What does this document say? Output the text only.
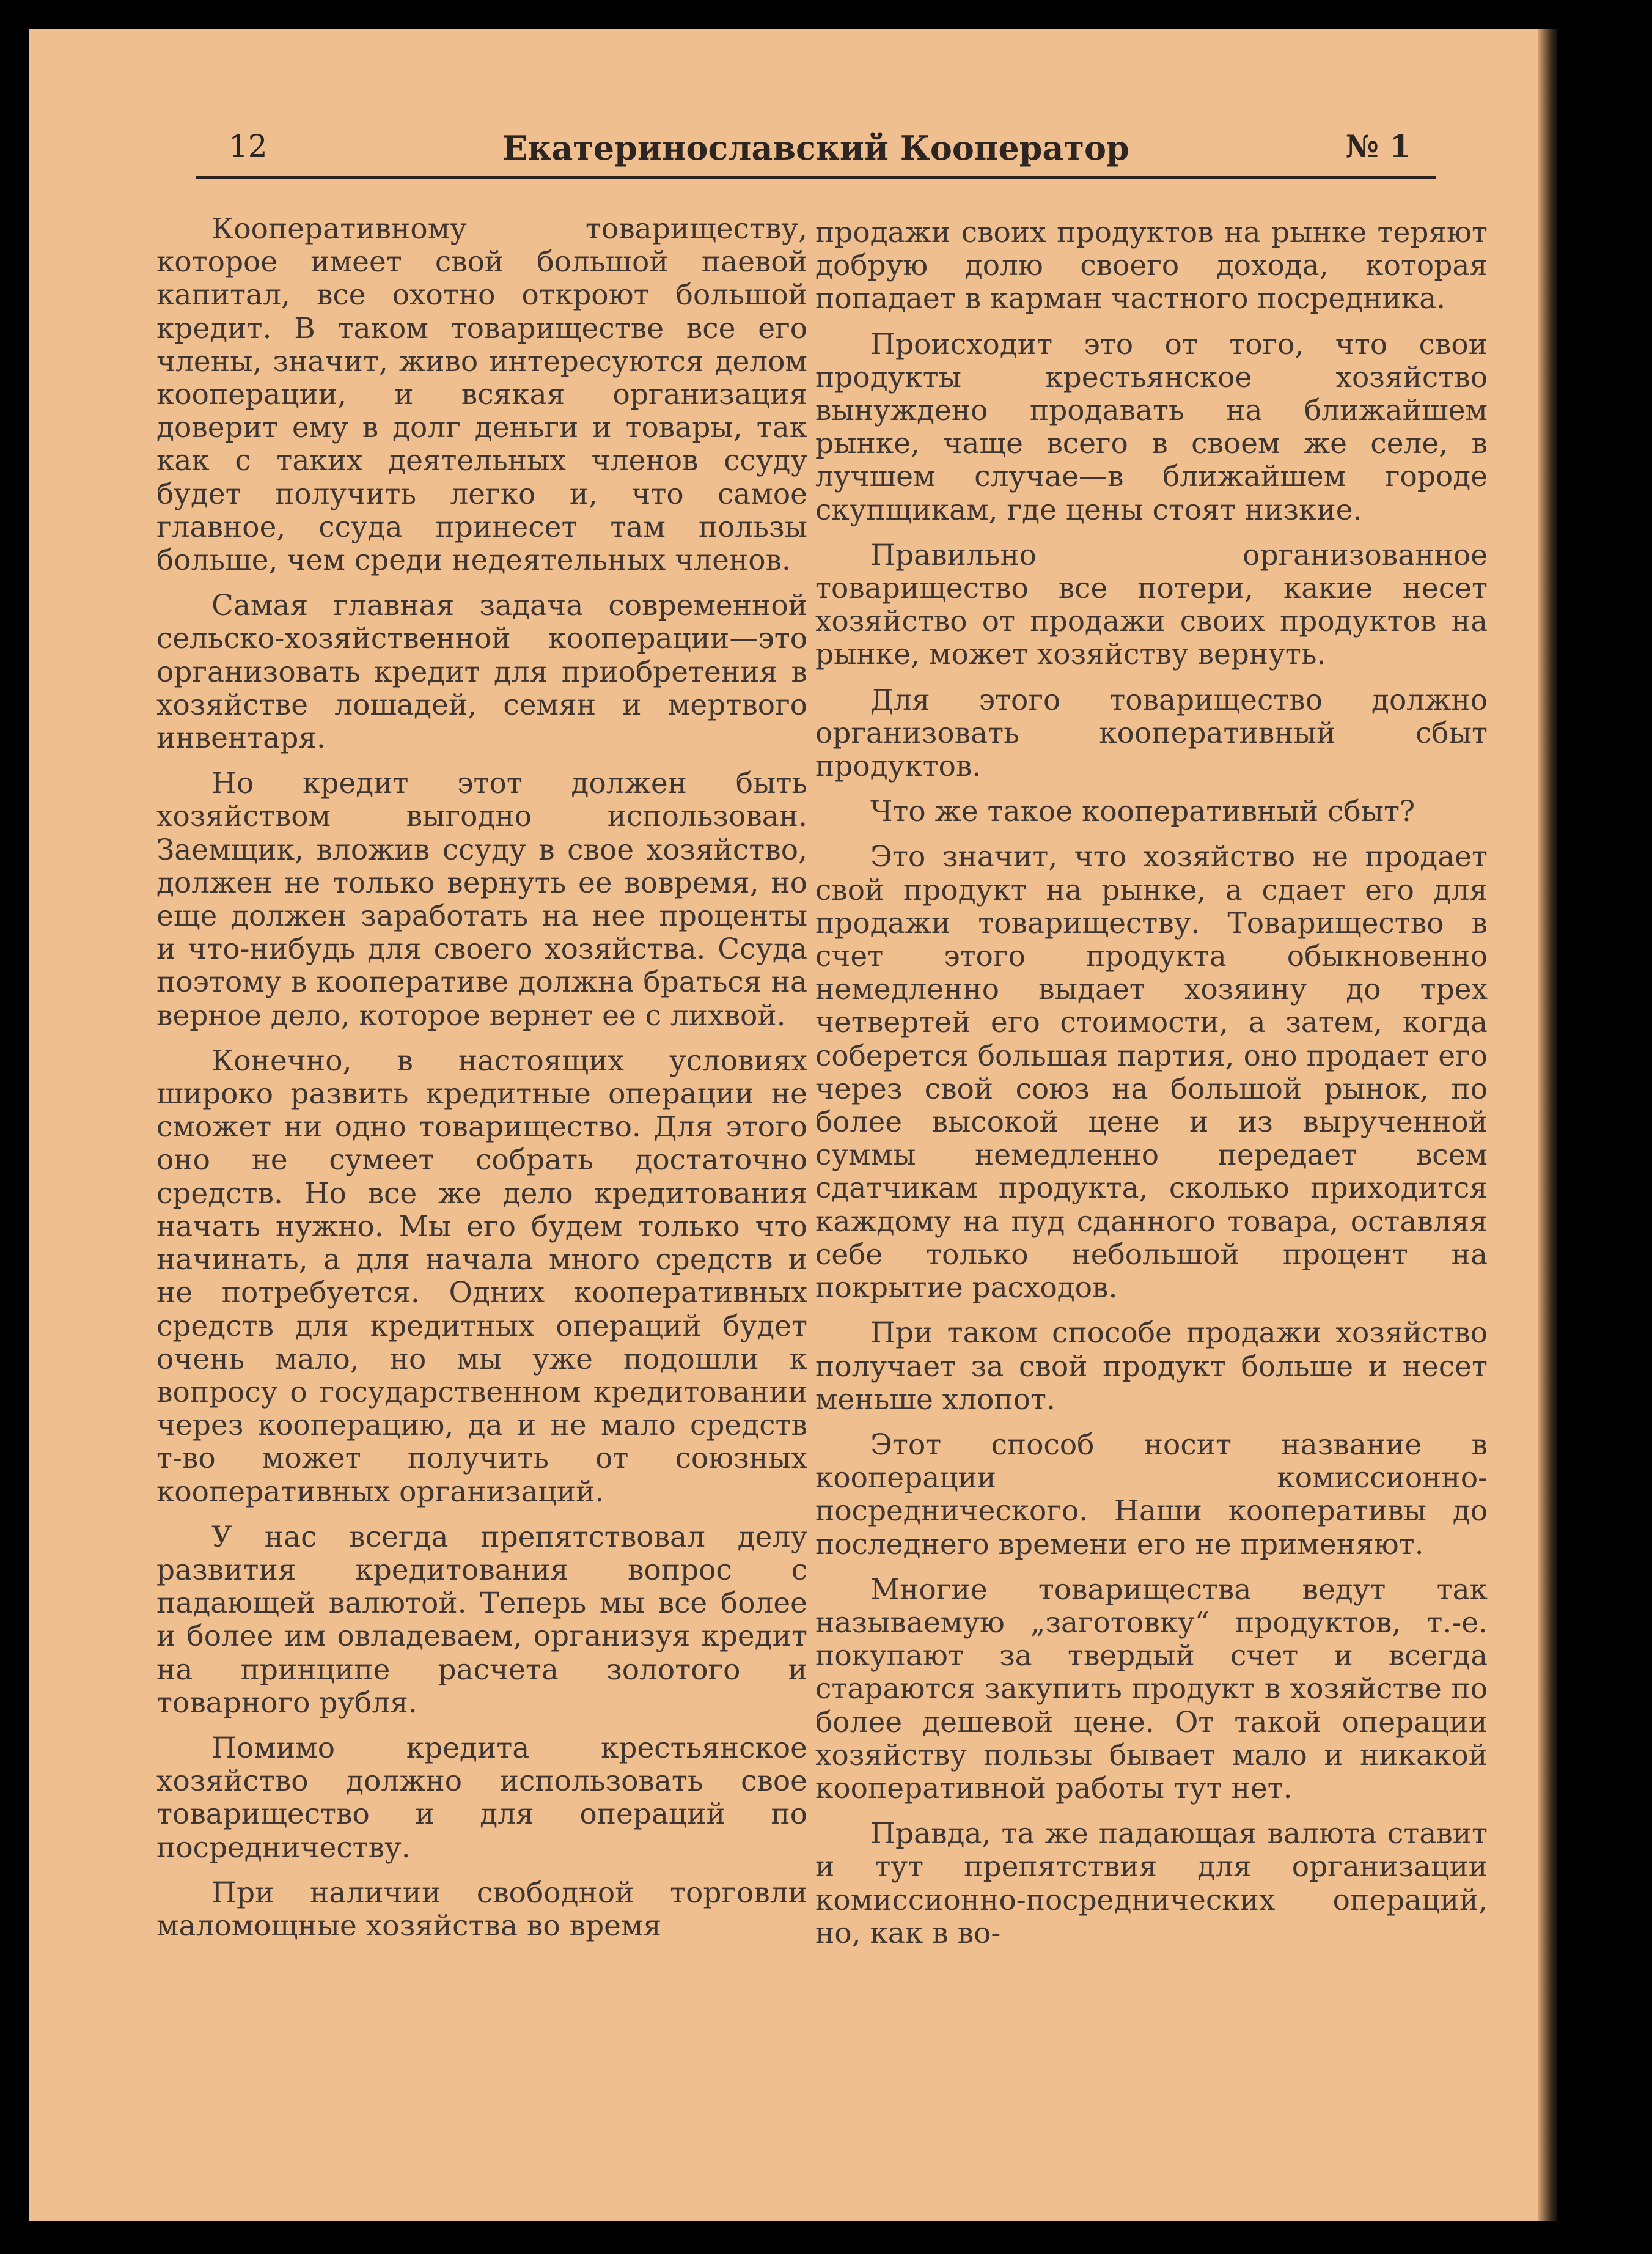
12	Екатеринославский Кооператор	№ 1

Кооперативному товариществу, которое имеет свой большой паевой капитал, все охотно откроют большой кредит. В таком товариществе все его члены, значит, живо интересуются делом кооперации, и всякая организация доверит ему в долг деньги и товары, так как с таких деятельных членов ссуду будет получить легко и, что самое главное, ссуда принесет там пользы больше, чем среди недеятельных членов.

Самая главная задача современной сельско-хозяйственной кооперации—это организовать кредит для приобретения в хозяйстве лошадей, семян и мертвого инвентаря.

Но кредит этот должен быть хозяйством выгодно использован. Заемщик, вложив ссуду в свое хозяйство, должен не только вернуть ее вовремя, но еще должен заработать на нее проценты и что-нибудь для своего хозяйства. Ссуда поэтому в кооперативе должна браться на верное дело, которое вернет ее с лихвой.

Конечно, в настоящих условиях широко развить кредитные операции не сможет ни одно товарищество. Для этого оно не сумеет собрать достаточно средств. Но все же дело кредитования начать нужно. Мы его будем только что начинать, а для начала много средств и не потребуется. Одних кооперативных средств для кредитных операций будет очень мало, но мы уже подошли к вопросу о государственном кредитовании через кооперацию, да и не мало средств т-во может получить от союзных кооперативных организаций.

У нас всегда препятствовал делу развития кредитования вопрос с падающей валютой. Теперь мы все более и более им овладеваем, организуя кредит на принципе расчета золотого и товарного рубля.

Помимо кредита крестьянское хозяйство должно использовать свое товарищество и для операций по посредничеству.

При наличии свободной торговли маломощные хозяйства во время

продажи своих продуктов на рынке теряют добрую долю своего дохода, которая попадает в карман частного посредника.

Происходит это от того, что свои продукты крестьянское хозяйство вынуждено продавать на ближайшем рынке, чаще всего в своем же селе, в лучшем случае—в ближайшем городе скупщикам, где цены стоят низкие.

Правильно организованное товарищество все потери, какие несет хозяйство от продажи своих продуктов на рынке, может хозяйству вернуть.

Для этого товарищество должно организовать кооперативный сбыт продуктов.

Что же такое кооперативный сбыт?

Это значит, что хозяйство не продает свой продукт на рынке, а сдает его для продажи товариществу. Товарищество в счет этого продукта обыкновенно немедленно выдает хозяину до трех четвертей его стоимости, а затем, когда соберется большая партия, оно продает его через свой союз на большой рынок, по более высокой цене и из вырученной суммы немедленно передает всем сдатчикам продукта, сколько приходится каждому на пуд сданного товара, оставляя себе только небольшой процент на покрытие расходов.

При таком способе продажи хозяйство получает за свой продукт больше и несет меньше хлопот.

Этот способ носит название в кооперации комиссионно-посреднического. Наши кооперативы до последнего времени его не применяют.

Многие товарищества ведут так называемую „заготовку“ продуктов, т.-е. покупают за твердый счет и всегда стараются закупить продукт в хозяйстве по более дешевой цене. От такой операции хозяйству пользы бывает мало и никакой кооперативной работы тут нет.

Правда, та же падающая валюта ставит и тут препятствия для организации комиссионно-посреднических операций, но, как в во-
